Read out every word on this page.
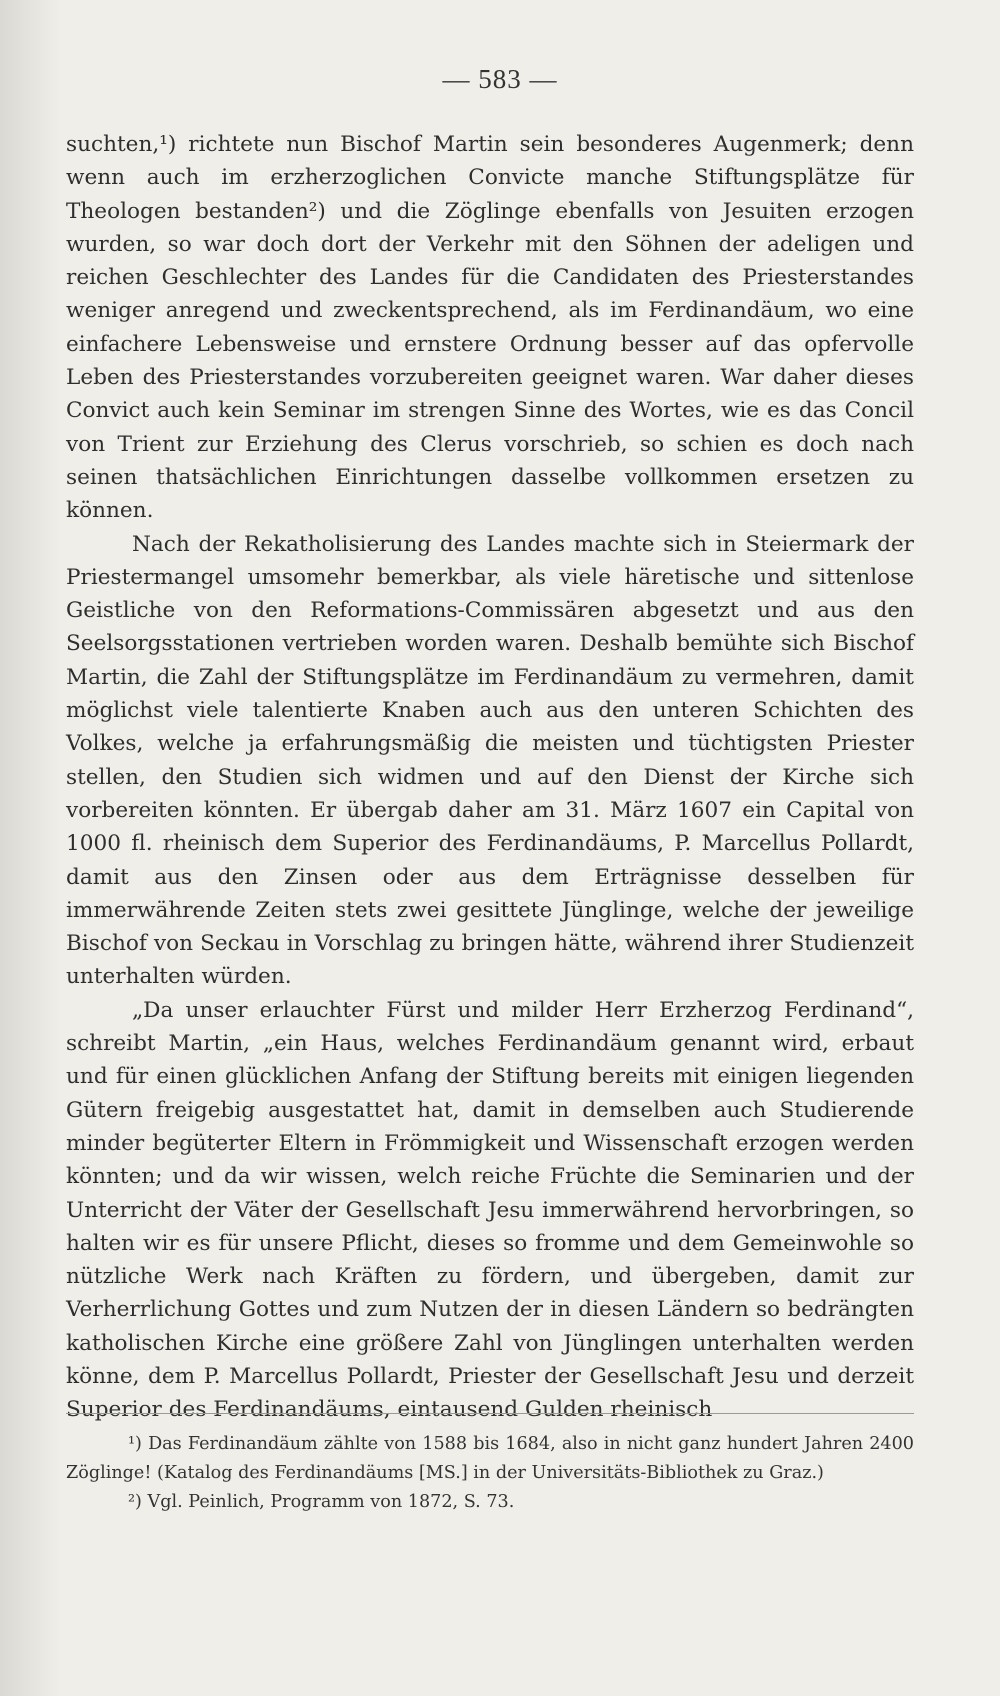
— 583 —

suchten,¹) richtete nun Bischof Martin sein besonderes Augenmerk; denn wenn auch im erzherzoglichen Convicte manche Stiftungsplätze für Theologen bestanden²) und die Zöglinge ebenfalls von Jesuiten erzogen wurden, so war doch dort der Verkehr mit den Söhnen der adeligen und reichen Geschlechter des Landes für die Candidaten des Priesterstandes weniger anregend und zweckentsprechend, als im Ferdinandäum, wo eine einfachere Lebensweise und ernstere Ordnung besser auf das opfervolle Leben des Priesterstandes vorzubereiten geeignet waren. War daher dieses Convict auch kein Seminar im strengen Sinne des Wortes, wie es das Concil von Trient zur Erziehung des Clerus vorschrieb, so schien es doch nach seinen thatsächlichen Einrichtungen dasselbe vollkommen ersetzen zu können.

Nach der Rekatholisierung des Landes machte sich in Steiermark der Priestermangel umsomehr bemerkbar, als viele häretische und sittenlose Geistliche von den Reformations-Commissären abgesetzt und aus den Seelsorgsstationen vertrieben worden waren. Deshalb bemühte sich Bischof Martin, die Zahl der Stiftungsplätze im Ferdinandäum zu vermehren, damit möglichst viele talentierte Knaben auch aus den unteren Schichten des Volkes, welche ja erfahrungsmäßig die meisten und tüchtigsten Priester stellen, den Studien sich widmen und auf den Dienst der Kirche sich vorbereiten könnten. Er übergab daher am 31. März 1607 ein Capital von 1000 fl. rheinisch dem Superior des Ferdinandäums, P. Marcellus Pollardt, damit aus den Zinsen oder aus dem Erträgnisse desselben für immerwährende Zeiten stets zwei gesittete Jünglinge, welche der jeweilige Bischof von Seckau in Vorschlag zu bringen hätte, während ihrer Studienzeit unterhalten würden.

„Da unser erlauchter Fürst und milder Herr Erzherzog Ferdinand“, schreibt Martin, „ein Haus, welches Ferdinandäum genannt wird, erbaut und für einen glücklichen Anfang der Stiftung bereits mit einigen liegenden Gütern freigebig ausgestattet hat, damit in demselben auch Studierende minder begüterter Eltern in Frömmigkeit und Wissenschaft erzogen werden könnten; und da wir wissen, welch reiche Früchte die Seminarien und der Unterricht der Väter der Gesellschaft Jesu immerwährend hervorbringen, so halten wir es für unsere Pflicht, dieses so fromme und dem Gemeinwohle so nützliche Werk nach Kräften zu fördern, und übergeben, damit zur Verherrlichung Gottes und zum Nutzen der in diesen Ländern so bedrängten katholischen Kirche eine größere Zahl von Jünglingen unterhalten werden könne, dem P. Marcellus Pollardt, Priester der Gesellschaft Jesu und derzeit Superior des Ferdinandäums, eintausend Gulden rheinisch

¹) Das Ferdinandäum zählte von 1588 bis 1684, also in nicht ganz hundert Jahren 2400 Zöglinge! (Katalog des Ferdinandäums [MS.] in der Universitäts-Bibliothek zu Graz.)

²) Vgl. Peinlich, Programm von 1872, S. 73.
